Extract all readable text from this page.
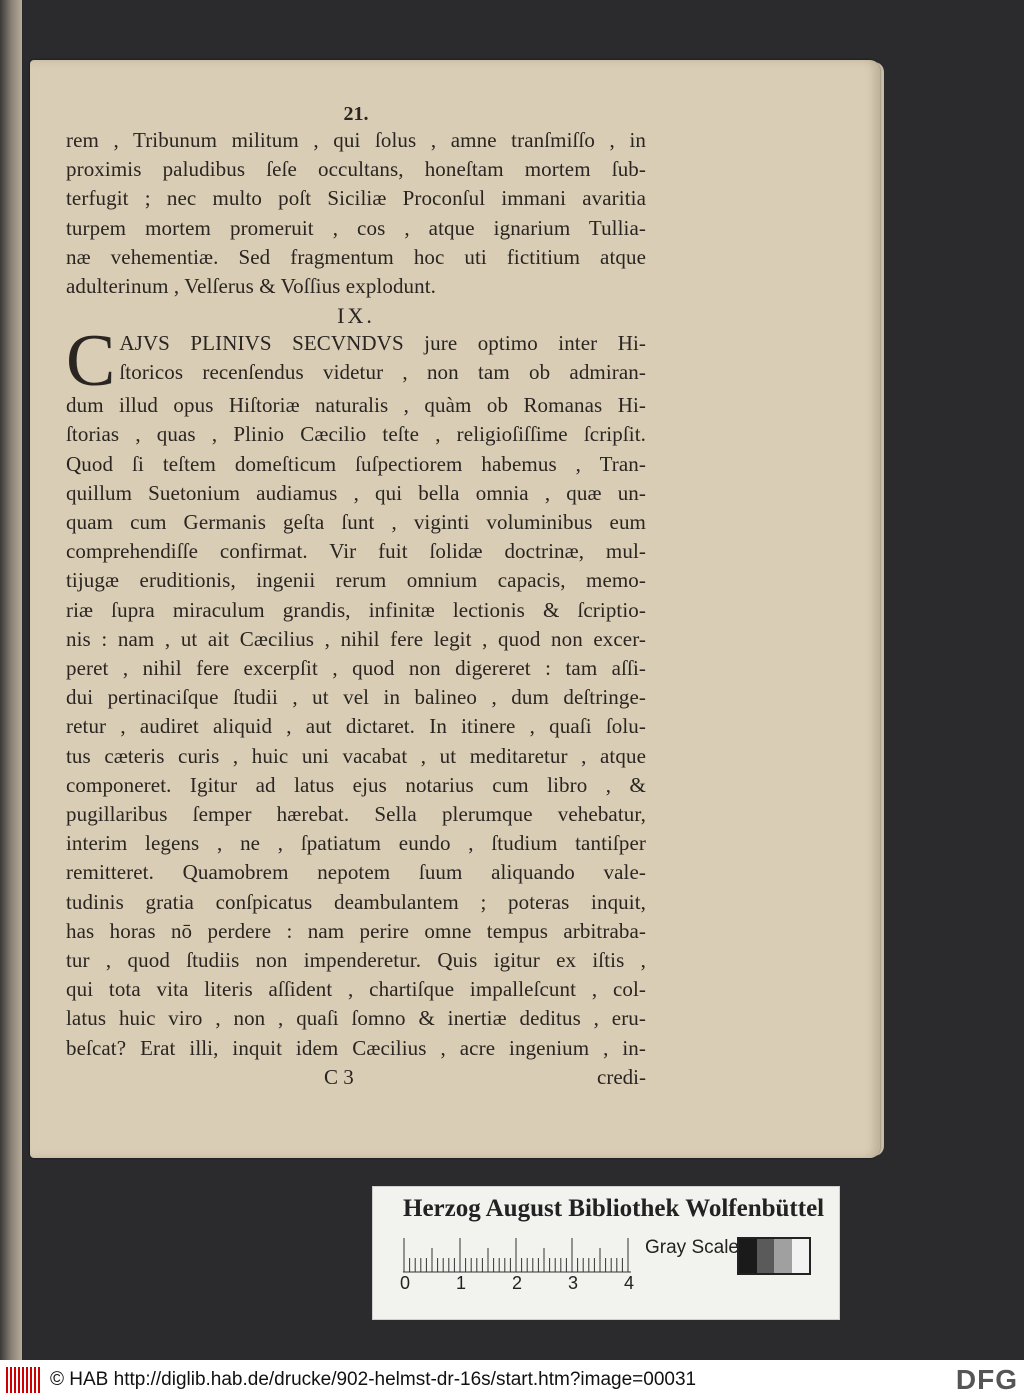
21.
rem , Tribunum militum , qui ſolus , amne tranſmiſſo , in
proximis paludibus ſeſe occultans, honeſtam mortem ſub-
terfugit ; nec multo poſt Siciliæ Proconſul immani avaritia
turpem mortem promeruit , cos , atque ignarium Tullia-
næ vehementiæ. Sed fragmentum hoc uti fictitium atque
adulterinum , Velſerus & Voſſius explodunt.
IX.
C AJVS PLINIVS SECVNDVS jure optimo inter Hi-
ſtoricos recenſendus videtur , non tam ob admiran-
dum illud opus Hiſtoriæ naturalis , quàm ob Romanas Hi-
ſtorias , quas , Plinio Cæcilio teſte , religioſiſſime ſcripſit.
Quod ſi teſtem domeſticum ſuſpectiorem habemus , Tran-
quillum Suetonium audiamus , qui bella omnia , quæ un-
quam cum Germanis geſta ſunt , viginti voluminibus eum
comprehendiſſe confirmat. Vir fuit ſolidæ doctrinæ, mul-
tijugæ eruditionis, ingenii rerum omnium capacis, memo-
riæ ſupra miraculum grandis, infinitæ lectionis & ſcriptio-
nis : nam , ut ait Cæcilius , nihil fere legit , quod non excer-
peret , nihil fere excerpſit , quod non digereret : tam aſſi-
dui pertinaciſque ſtudii , ut vel in balineo , dum deſtringe-
retur , audiret aliquid , aut dictaret. In itinere , quaſi ſolu-
tus cæteris curis , huic uni vacabat , ut meditaretur , atque
componeret. Igitur ad latus ejus notarius cum libro , &
pugillaribus ſemper hærebat. Sella plerumque vehebatur,
interim legens , ne , ſpatiatum eundo , ſtudium tantiſper
remitteret. Quamobrem nepotem ſuum aliquando vale-
tudinis gratia conſpicatus deambulantem ; poteras inquit,
has horas nō perdere : nam perire omne tempus arbitraba-
tur , quod ſtudiis non impenderetur. Quis igitur ex iſtis ,
qui tota vita literis aſſident , chartiſque impalleſcunt , col-
latus huic viro , non , quaſi ſomno & inertiæ deditus , eru-
beſcat? Erat illi, inquit idem Cæcilius , acre ingenium , in-
C 3	credi-
Herzog August Bibliothek Wolfenbüttel
0	1	2	3	4
Gray Scale
© HAB http://diglib.hab.de/drucke/902-helmst-dr-16s/start.htm?image=00031	DFG
